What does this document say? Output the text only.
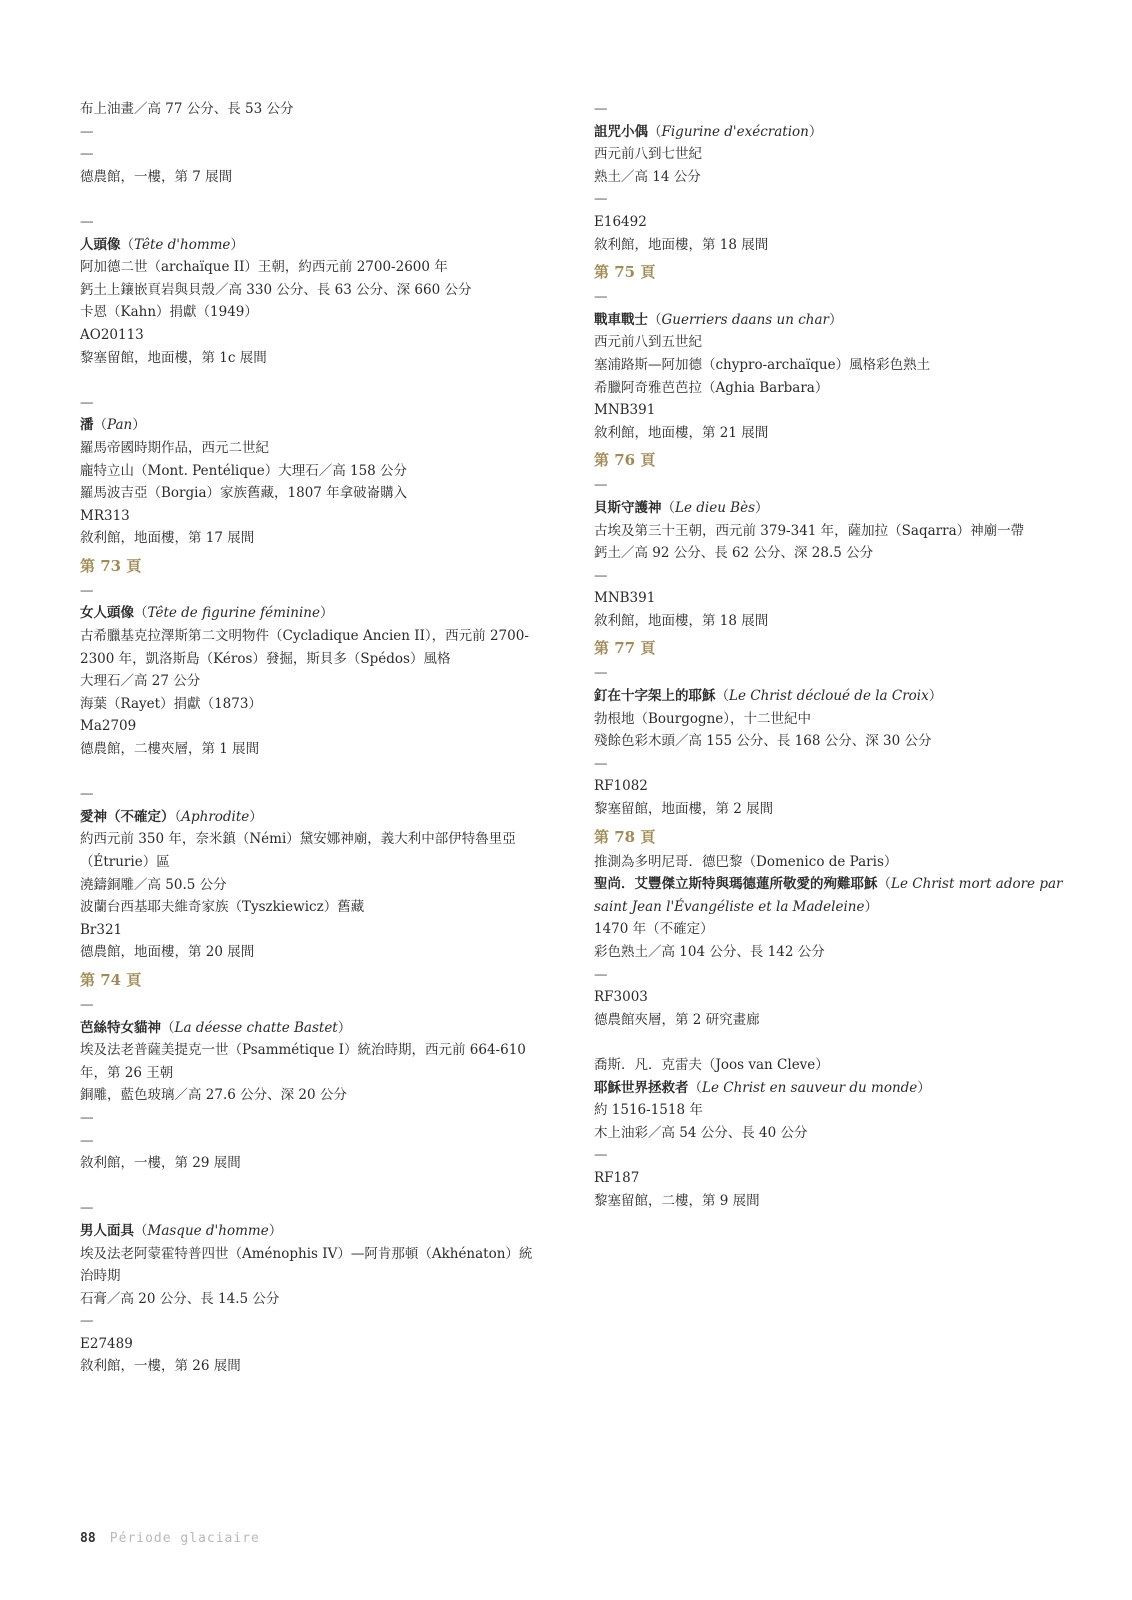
布上油畫／高 77 公分、長 53 公分
—
—
德農館，一樓，第 7 展間
—
人頭像（Tête d'homme）
阿加德二世（archaïque II）王朝，約西元前 2700-2600 年
鈣土上鑲嵌頁岩與貝殼／高 330 公分、長 63 公分、深 660 公分
卡恩（Kahn）捐獻（1949）
AO20113
黎塞留館，地面樓，第 1c 展間
—
潘（Pan）
羅馬帝國時期作品，西元二世紀
龐特立山（Mont. Pentélique）大理石／高 158 公分
羅馬波吉亞（Borgia）家族舊藏，1807 年拿破崙購入
MR313
敘利館，地面樓，第 17 展間
第 73 頁
—
女人頭像（Tête de figurine féminine）
古希臘基克拉澤斯第二文明物件（Cycladique Ancien II），西元前 2700-2300 年，凱洛斯島（Kéros）發掘，斯貝多（Spédos）風格
大理石／高 27 公分
海葉（Rayet）捐獻（1873）
Ma2709
德農館，二樓夾層，第 1 展間
—
愛神（不確定）（Aphrodite）
約西元前 350 年，奈米鎮（Némi）黛安娜神廟，義大利中部伊特魯里亞（Étrurie）區
澆鑄銅雕／高 50.5 公分
波蘭台西基耶夫維奇家族（Tyszkiewicz）舊藏
Br321
德農館，地面樓，第 20 展間
第 74 頁
—
芭絲特女貓神（La déesse chatte Bastet）
埃及法老普薩美提克一世（Psammétique I）統治時期，西元前 664-610 年，第 26 王朝
銅雕，藍色玻璃／高 27.6 公分、深 20 公分
—
—
敘利館，一樓，第 29 展間
—
男人面具（Masque d'homme）
埃及法老阿蒙霍特普四世（Aménophis IV）—阿肯那頓（Akhénaton）統治時期
石膏／高 20 公分、長 14.5 公分
—
E27489
敘利館，一樓，第 26 展間
—
詛咒小偶（Figurine d'exécration）
西元前八到七世紀
熟土／高 14 公分
—
E16492
敘利館，地面樓，第 18 展間
第 75 頁
—
戰車戰士（Guerriers daans un char）
西元前八到五世紀
塞浦路斯—阿加德（chypro-archaïque）風格彩色熟土
希臘阿奇雅芭芭拉（Aghia Barbara）
MNB391
敘利館，地面樓，第 21 展間
第 76 頁
—
貝斯守護神（Le dieu Bès）
古埃及第三十王朝，西元前 379-341 年，薩加拉（Saqarra）神廟一帶
鈣土／高 92 公分、長 62 公分、深 28.5 公分
—
MNB391
敘利館，地面樓，第 18 展間
第 77 頁
—
釘在十字架上的耶穌（Le Christ décloué de la Croix）
勃根地（Bourgogne），十二世紀中
殘餘色彩木頭／高 155 公分、長 168 公分、深 30 公分
—
RF1082
黎塞留館，地面樓，第 2 展間
第 78 頁
推測為多明尼哥．德巴黎（Domenico de Paris）
聖尚．艾豐傑立斯特與瑪德蓮所敬愛的殉難耶穌（Le Christ mort adore par saint Jean l'Évangéliste et la Madeleine）
1470 年（不確定）
彩色熟土／高 104 公分、長 142 公分
—
RF3003
德農館夾層，第 2 研究畫廊
喬斯．凡．克雷夫（Joos van Cleve）
耶穌世界拯救者（Le Christ en sauveur du monde）
約 1516-1518 年
木上油彩／高 54 公分、長 40 公分
—
RF187
黎塞留館，二樓，第 9 展間
88 Période glaciaire
